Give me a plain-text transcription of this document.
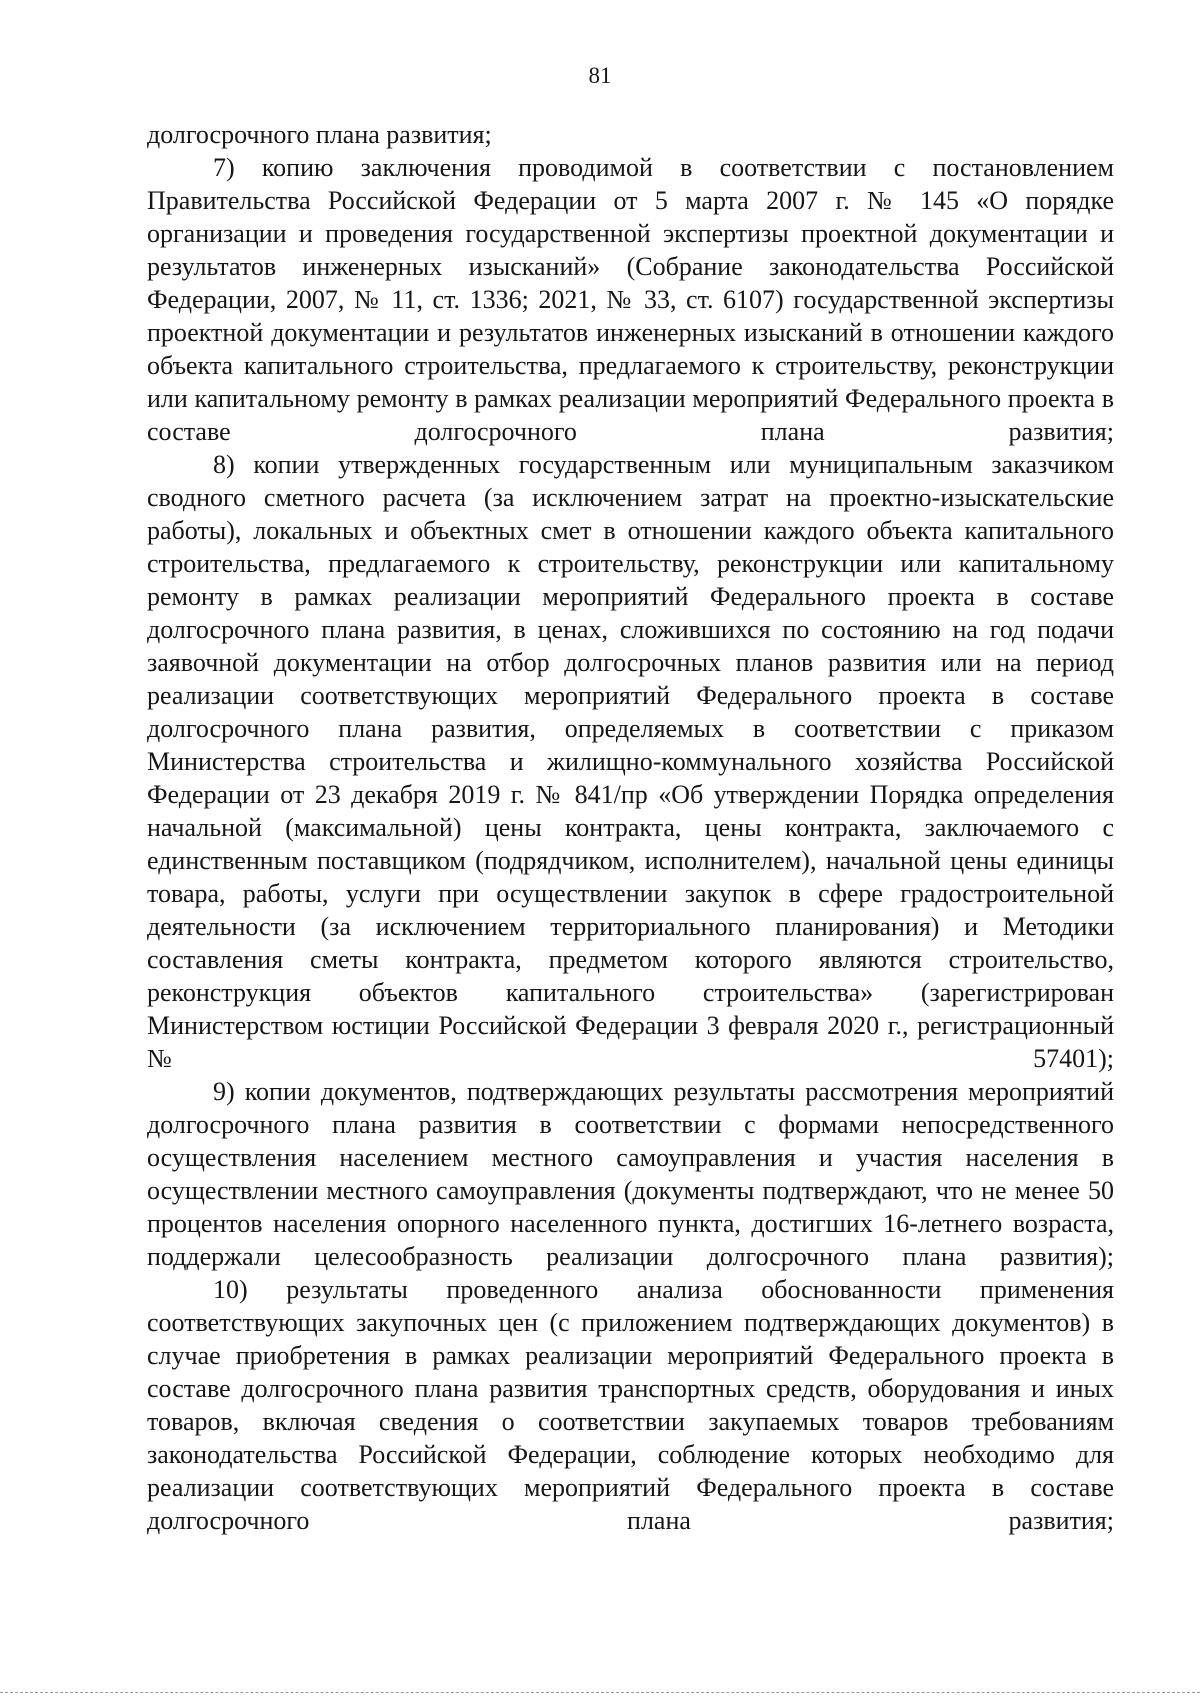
81

долгосрочного плана развития;

7) копию заключения проводимой в соответствии с постановлением Правительства Российской Федерации от 5 марта 2007 г. № 145 «О порядке организации и проведения государственной экспертизы проектной документации и результатов инженерных изысканий» (Собрание законодательства Российской Федерации, 2007, № 11, ст. 1336; 2021, № 33, ст. 6107) государственной экспертизы проектной документации и результатов инженерных изысканий в отношении каждого объекта капитального строительства, предлагаемого к строительству, реконструкции или капитальному ремонту в рамках реализации мероприятий Федерального проекта в составе долгосрочного плана развития;

8) копии утвержденных государственным или муниципальным заказчиком сводного сметного расчета (за исключением затрат на проектно-изыскательские работы), локальных и объектных смет в отношении каждого объекта капитального строительства, предлагаемого к строительству, реконструкции или капитальному ремонту в рамках реализации мероприятий Федерального проекта в составе долгосрочного плана развития, в ценах, сложившихся по состоянию на год подачи заявочной документации на отбор долгосрочных планов развития или на период реализации соответствующих мероприятий Федерального проекта в составе долгосрочного плана развития, определяемых в соответствии с приказом Министерства строительства и жилищно-коммунального хозяйства Российской Федерации от 23 декабря 2019 г. № 841/пр «Об утверждении Порядка определения начальной (максимальной) цены контракта, цены контракта, заключаемого с единственным поставщиком (подрядчиком, исполнителем), начальной цены единицы товара, работы, услуги при осуществлении закупок в сфере градостроительной деятельности (за исключением территориального планирования) и Методики составления сметы контракта, предметом которого являются строительство, реконструкция объектов капитального строительства» (зарегистрирован Министерством юстиции Российской Федерации 3 февраля 2020 г., регистрационный № 57401);

9) копии документов, подтверждающих результаты рассмотрения мероприятий долгосрочного плана развития в соответствии с формами непосредственного осуществления населением местного самоуправления и участия населения в осуществлении местного самоуправления (документы подтверждают, что не менее 50 процентов населения опорного населенного пункта, достигших 16-летнего возраста, поддержали целесообразность реализации долгосрочного плана развития);

10) результаты проведенного анализа обоснованности применения соответствующих закупочных цен (с приложением подтверждающих документов) в случае приобретения в рамках реализации мероприятий Федерального проекта в составе долгосрочного плана развития транспортных средств, оборудования и иных товаров, включая сведения о соответствии закупаемых товаров требованиям законодательства Российской Федерации, соблюдение которых необходимо для реализации соответствующих мероприятий Федерального проекта в составе долгосрочного плана развития;
